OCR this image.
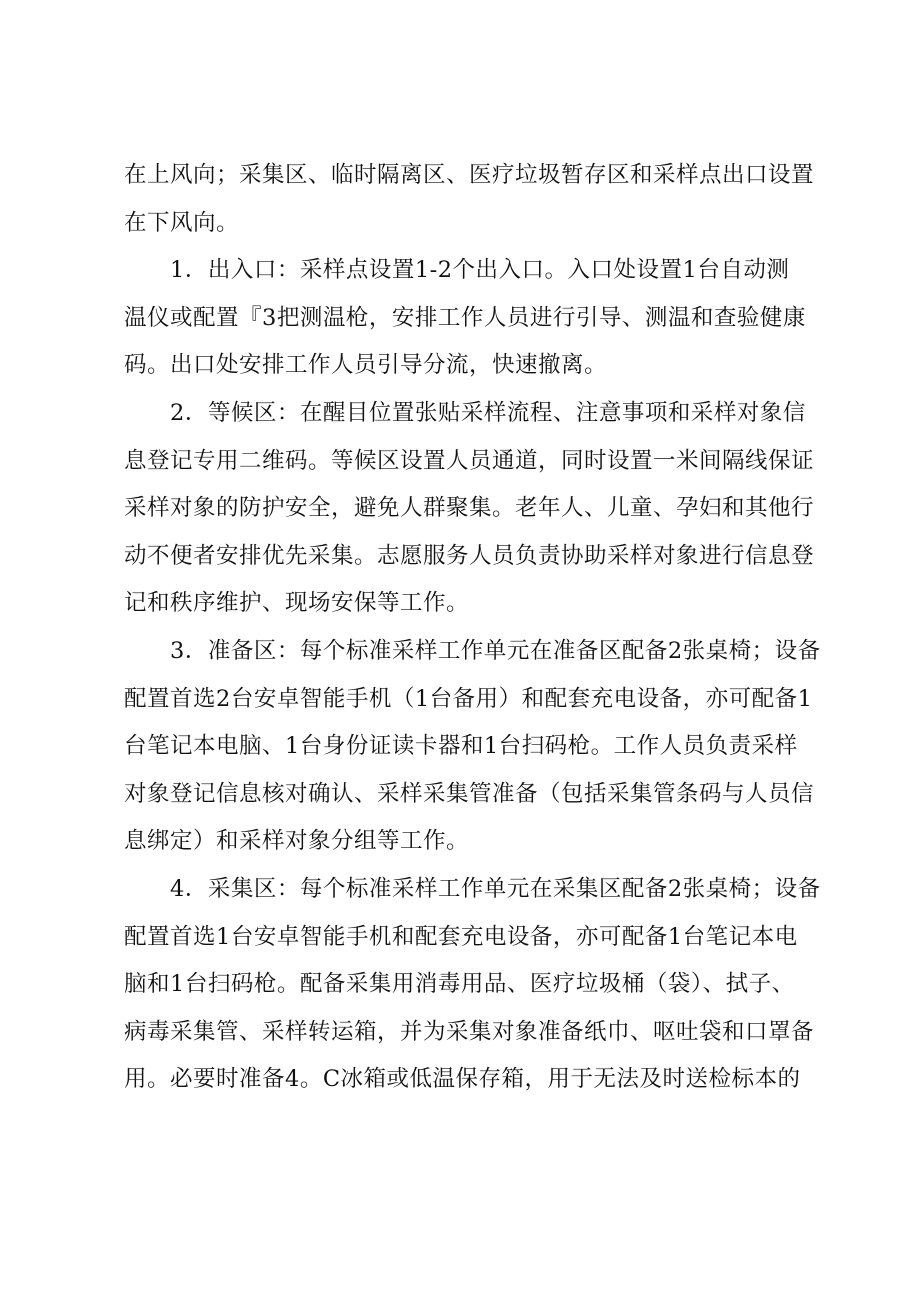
在上风向；采集区、临时隔离区、医疗垃圾暂存区和采样点出口设置
在下风向。
1．出入口：采样点设置1-2个出入口。入口处设置1台自动测
温仪或配置『3把测温枪，安排工作人员进行引导、测温和查验健康
码。出口处安排工作人员引导分流，快速撤离。
2．等候区：在醒目位置张贴采样流程、注意事项和采样对象信
息登记专用二维码。等候区设置人员通道，同时设置一米间隔线保证
采样对象的防护安全，避免人群聚集。老年人、儿童、孕妇和其他行
动不便者安排优先采集。志愿服务人员负责协助采样对象进行信息登
记和秩序维护、现场安保等工作。
3．准备区：每个标准采样工作单元在准备区配备2张桌椅；设备
配置首选2台安卓智能手机（1台备用）和配套充电设备，亦可配备1
台笔记本电脑、1台身份证读卡器和1台扫码枪。工作人员负责采样
对象登记信息核对确认、采样采集管准备（包括采集管条码与人员信
息绑定）和采样对象分组等工作。
4．采集区：每个标准采样工作单元在采集区配备2张桌椅；设备
配置首选1台安卓智能手机和配套充电设备，亦可配备1台笔记本电
脑和1台扫码枪。配备采集用消毒用品、医疗垃圾桶（袋）、拭子、
病毒采集管、采样转运箱，并为采集对象准备纸巾、呕吐袋和口罩备
用。必要时准备4。C冰箱或低温保存箱，用于无法及时送检标本的
